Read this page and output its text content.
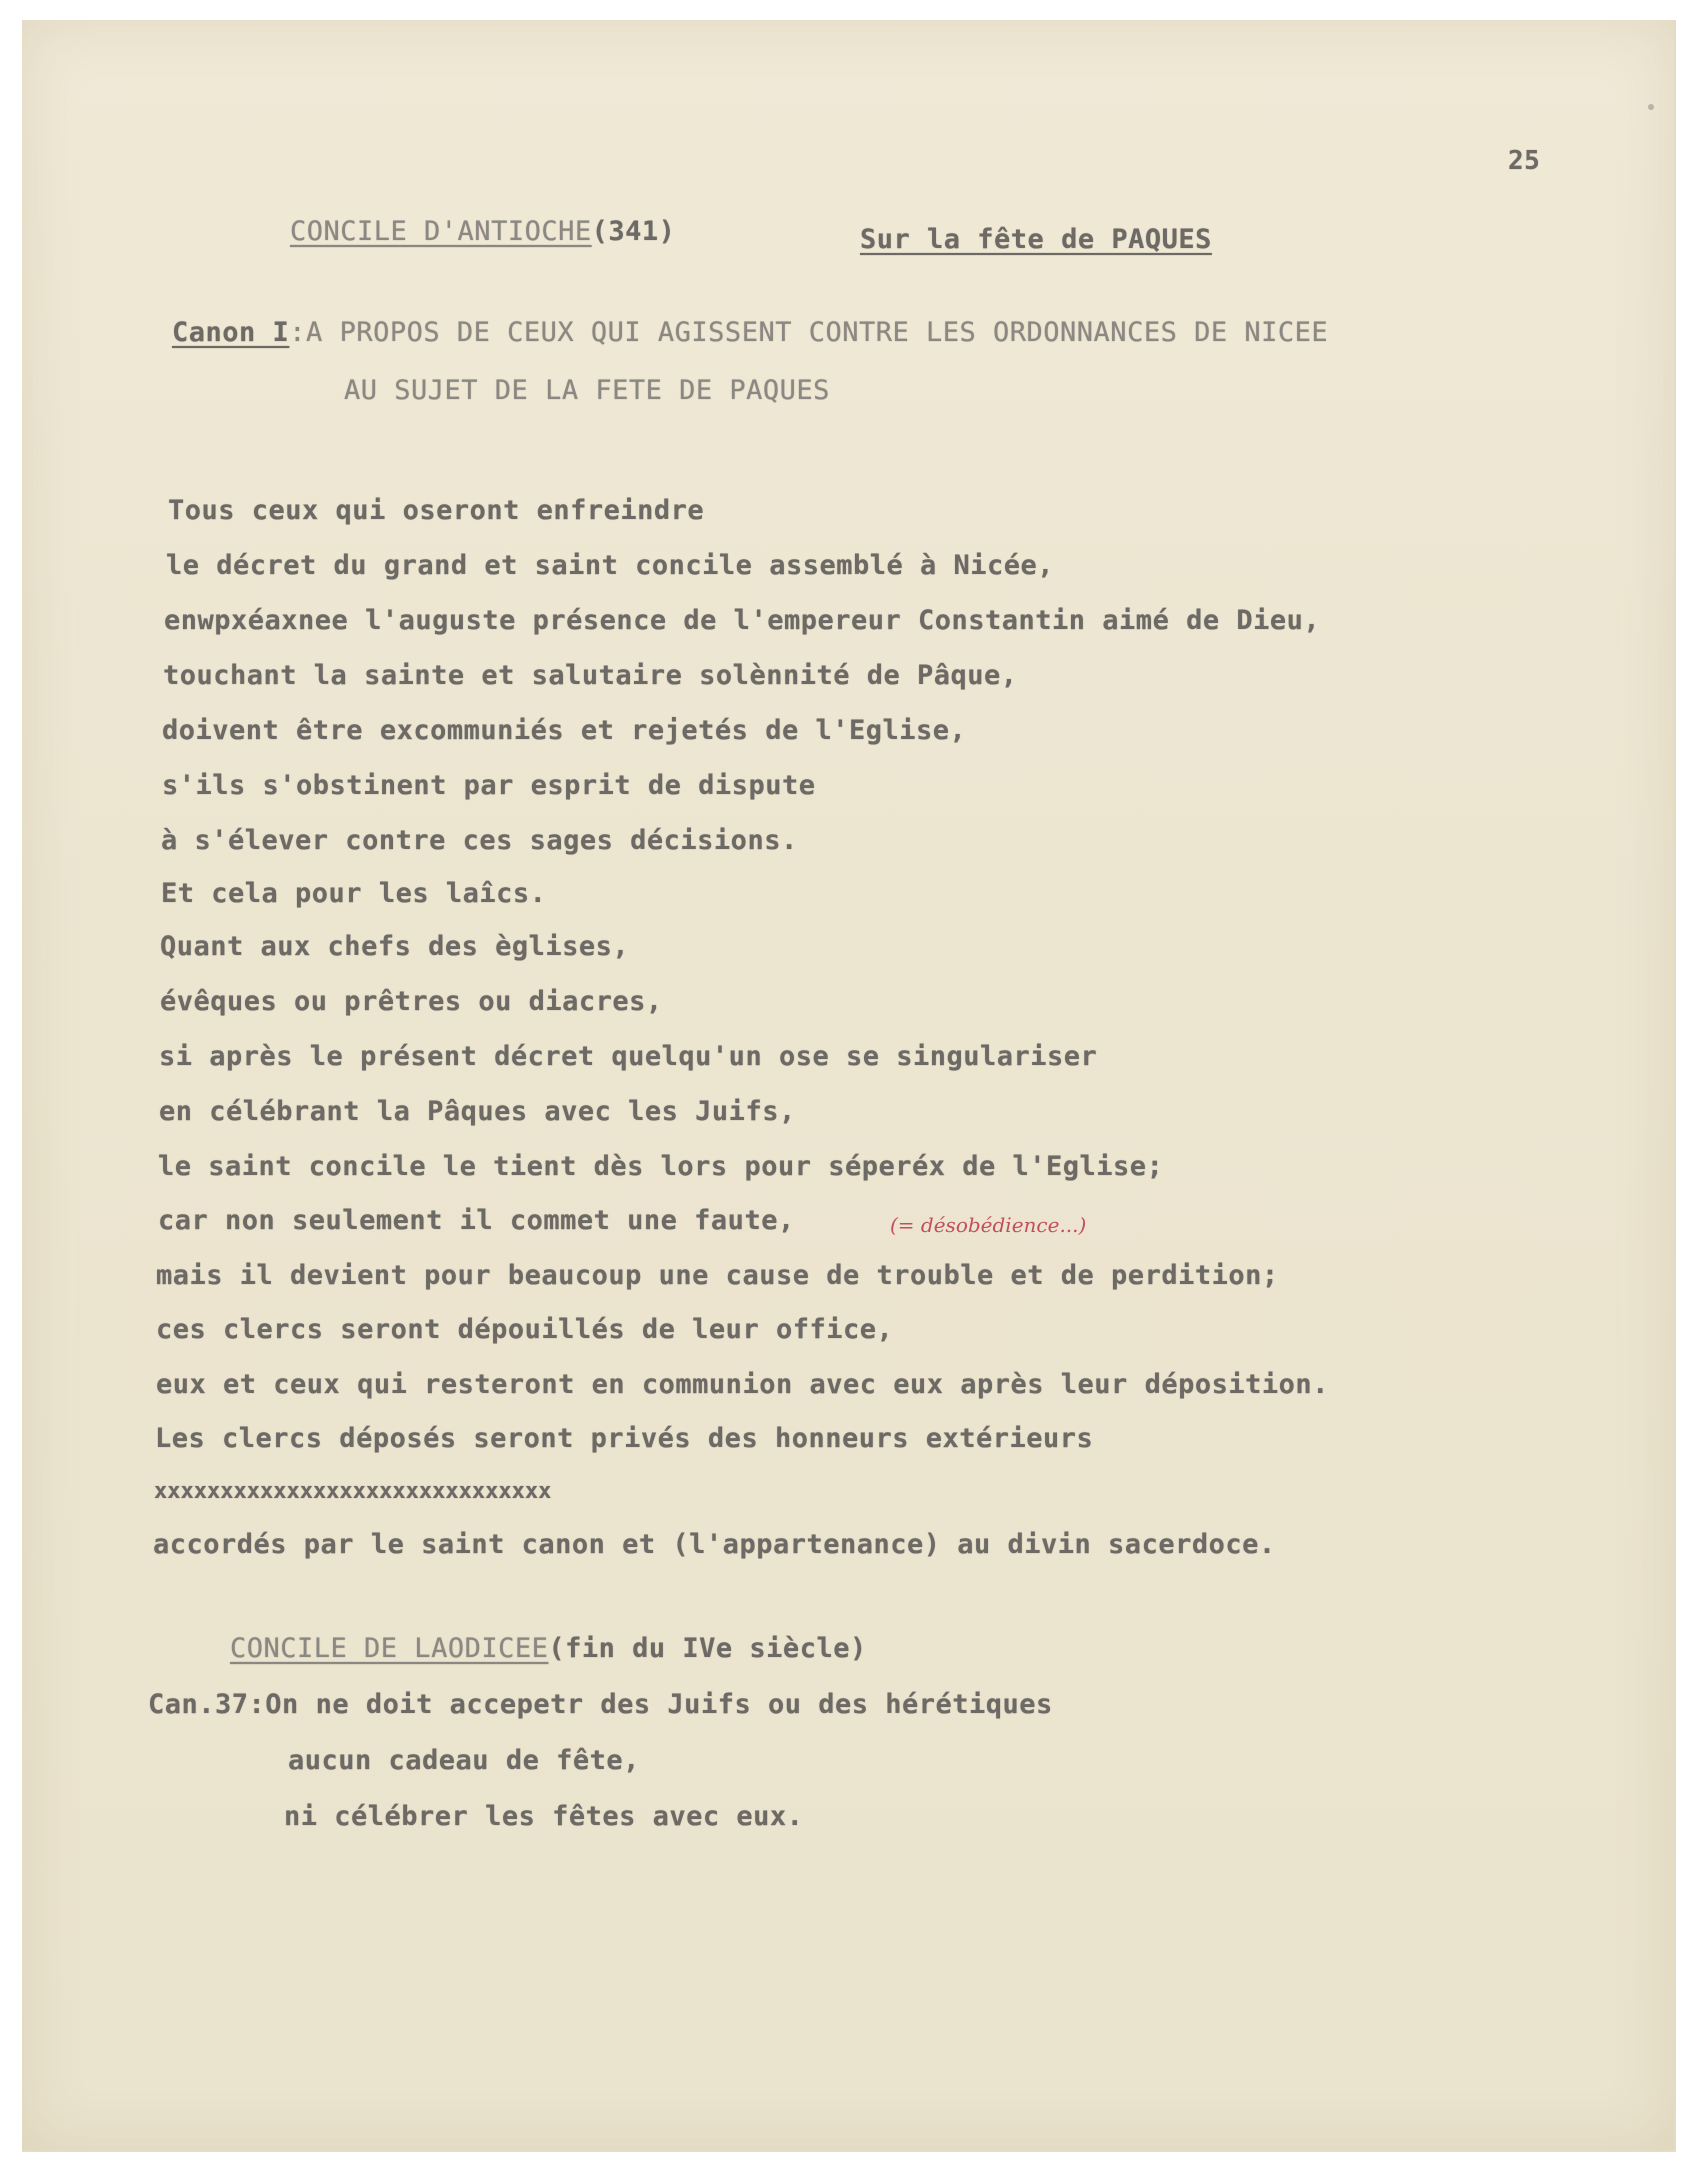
25
CONCILE D'ANTIOCHE(341)	Sur la fête de PAQUES
Canon I:A PROPOS DE CEUX QUI AGISSENT CONTRE LES ORDONNANCES DE NICEE
AU SUJET DE LA FETE DE PAQUES
Tous ceux qui oseront enfreindre
le décret du grand et saint concile assemblé à Nicée,
enwpxéaxnee l'auguste présence de l'empereur Constantin aimé de Dieu,
touchant la sainte et salutaire solènnité de Pâque,
doivent être excommuniés et rejetés de l'Eglise,
s'ils s'obstinent par esprit de dispute
à s'élever contre ces sages décisions.
Et cela pour les laîcs.
Quant aux chefs des èglises,
évêques ou prêtres ou diacres,
si après le présent décret quelqu'un ose se singulariser
en célébrant la Pâques avec les Juifs,
le saint concile le tient dès lors pour séperéx de l'Eglise;
car non seulement il commet une faute,	(= désobédience...)
mais il devient pour beaucoup une cause de trouble et de perdition;
ces clercs seront dépouillés de leur office,
eux et ceux qui resteront en communion avec eux après leur déposition.
Les clercs déposés seront privés des honneurs extérieurs
xxxxxxxxxxxxxxxxxxxxxxxxxxxxxx
accordés par le saint canon et (l'appartenance) au divin sacerdoce.
CONCILE DE LAODICEE(fin du IVe siècle)
Can.37:On ne doit accepetr des Juifs ou des hérétiques
aucun cadeau de fête,
ni célébrer les fêtes avec eux.
